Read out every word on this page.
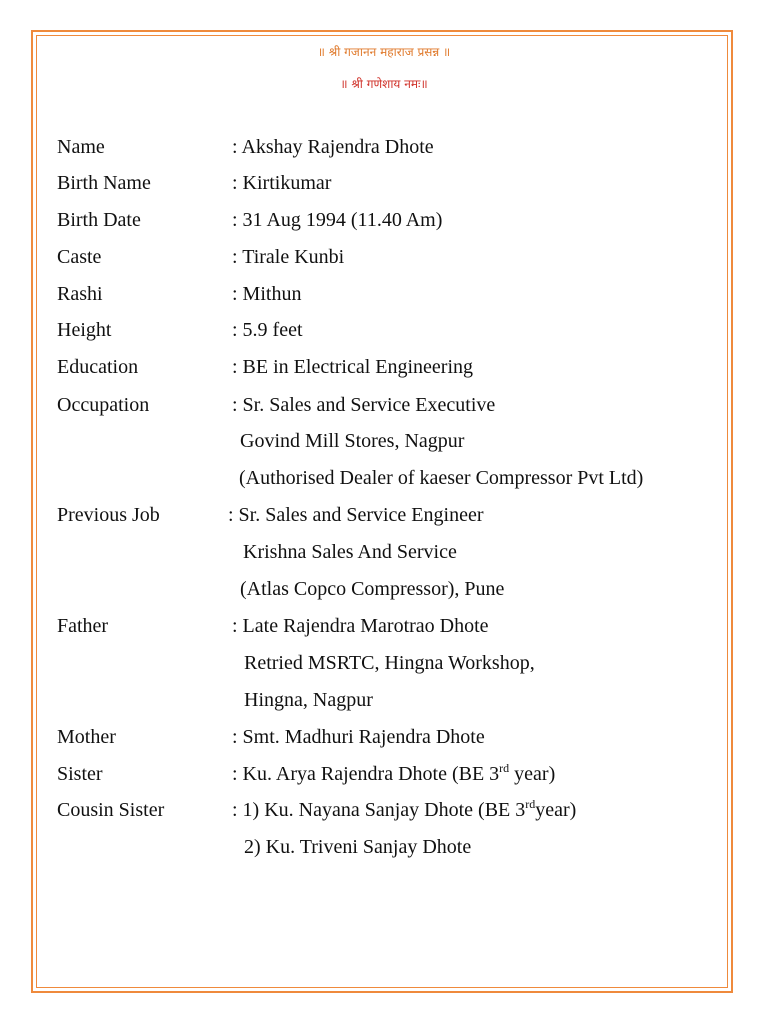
॥ श्री गजानन महाराज प्रसन्न ॥
॥ श्री गणेशाय नमः॥
Name	: Akshay Rajendra Dhote
Birth Name	: Kirtikumar
Birth Date	: 31 Aug 1994 (11.40 Am)
Caste	: Tirale Kunbi
Rashi	: Mithun
Height	: 5.9 feet
Education	: BE in Electrical Engineering
Occupation	: Sr. Sales and Service Executive
Govind Mill Stores, Nagpur
(Authorised Dealer of kaeser Compressor Pvt Ltd)
Previous Job	: Sr. Sales and Service Engineer
Krishna Sales And Service
(Atlas Copco Compressor), Pune
Father	: Late Rajendra Marotrao Dhote
Retried MSRTC, Hingna Workshop,
Hingna, Nagpur
Mother	: Smt. Madhuri Rajendra Dhote
Sister	: Ku. Arya Rajendra Dhote (BE 3rd year)
Cousin Sister	: 1) Ku. Nayana Sanjay Dhote (BE 3rdyear)
2) Ku. Triveni Sanjay Dhote
